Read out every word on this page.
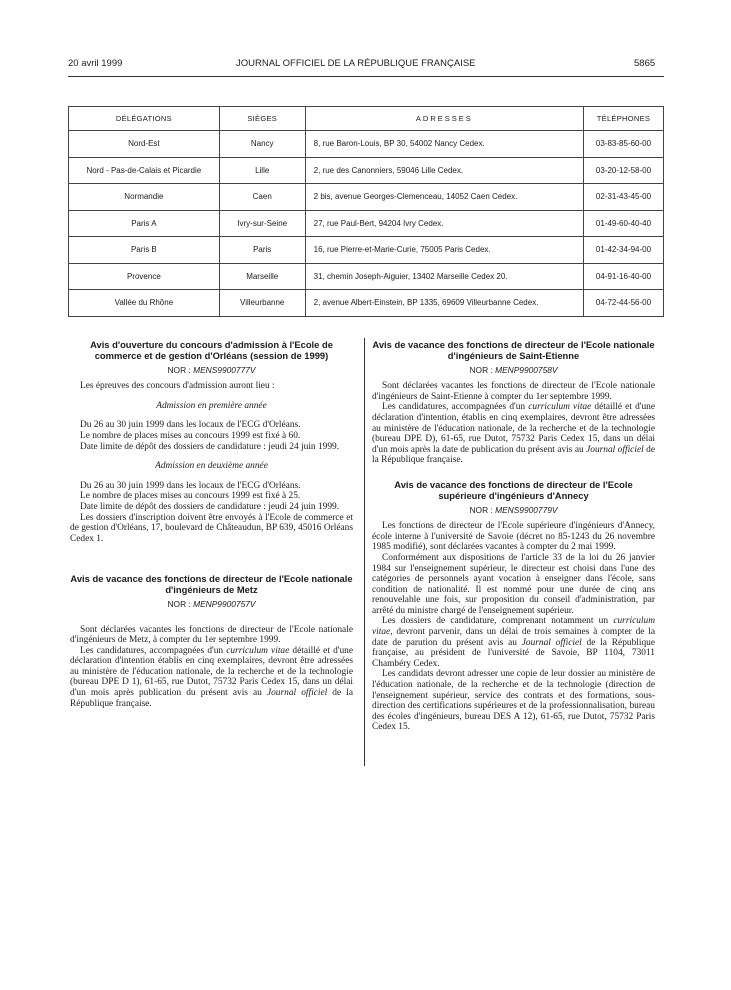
20 avril 1999	JOURNAL OFFICIEL DE LA RÉPUBLIQUE FRANÇAISE	5865
DÉLÉGATIONS	SIÈGES	ADRESSES	TÉLÉPHONES
Nord-Est	Nancy	8, rue Baron-Louis, BP 30, 54002 Nancy Cedex.	03-83-85-60-00
Nord - Pas-de-Calais et Picardie	Lille	2, rue des Canonniers, 59046 Lille Cedex.	03-20-12-58-00
Normandie	Caen	2 bis, avenue Georges-Clemenceau, 14052 Caen Cedex.	02-31-43-45-00
Paris A	Ivry-sur-Seine	27, rue Paul-Bert, 94204 Ivry Cedex.	01-49-60-40-40
Paris B	Paris	16, rue Pierre-et-Marie-Curie, 75005 Paris Cedex.	01-42-34-94-00
Provence	Marseille	31, chemin Joseph-Aiguier, 13402 Marseille Cedex 20.	04-91-16-40-00
Vallée du Rhône	Villeurbanne	2, avenue Albert-Einstein, BP 1335, 69609 Villeurbanne Cedex.	04-72-44-56-00

Avis d'ouverture du concours d'admission à l'Ecole de commerce et de gestion d'Orléans (session de 1999)

NOR : MENS9900777V

Les épreuves des concours d'admission auront lieu :

Admission en première année

Du 26 au 30 juin 1999 dans les locaux de l'ECG d'Orléans.

Le nombre de places mises au concours 1999 est fixé à 60.

Date limite de dépôt des dossiers de candidature : jeudi 24 juin 1999.

Admission en deuxième année

Du 26 au 30 juin 1999 dans les locaux de l'ECG d'Orléans.

Le nombre de places mises au concours 1999 est fixé à 25.

Date limite de dépôt des dossiers de candidature : jeudi 24 juin 1999.

Les dossiers d'inscription doivent être envoyés à l'Ecole de commerce et de gestion d'Orléans, 17, boulevard de Châteaudun, BP 639, 45016 Orléans Cedex 1.

Avis de vacance des fonctions de directeur de l'Ecole nationale d'ingénieurs de Metz

NOR : MENP9900757V

Sont déclarées vacantes les fonctions de directeur de l'Ecole nationale d'ingénieurs de Metz, à compter du 1er septembre 1999.

Les candidatures, accompagnées d'un curriculum vitae détaillé et d'une déclaration d'intention établis en cinq exemplaires, devront être adressées au ministère de l'éducation nationale, de la recherche et de la technologie (bureau DPE D 1), 61-65, rue Dutot, 75732 Paris Cedex 15, dans un délai d'un mois après publication du présent avis au Journal officiel de la République française.

Avis de vacance des fonctions de directeur de l'Ecole nationale d'ingénieurs de Saint-Etienne

NOR : MENP9900758V

Sont déclarées vacantes les fonctions de directeur de l'Ecole nationale d'ingénieurs de Saint-Etienne à compter du 1er septembre 1999.

Les candidatures, accompagnées d'un curriculum vitae détaillé et d'une déclaration d'intention, établis en cinq exemplaires, devront être adressées au ministère de l'éducation nationale, de la recherche et de la technologie (bureau DPE D), 61-65, rue Dutot, 75732 Paris Cedex 15, dans un délai d'un mois après la date de publication du présent avis au Journal officiel de la République française.

Avis de vacance des fonctions de directeur de l'Ecole supérieure d'ingénieurs d'Annecy

NOR : MENS9900779V

Les fonctions de directeur de l'Ecole supérieure d'ingénieurs d'Annecy, école interne à l'université de Savoie (décret no 85-1243 du 26 novembre 1985 modifié), sont déclarées vacantes à compter du 2 mai 1999.

Conformément aux dispositions de l'article 33 de la loi du 26 janvier 1984 sur l'enseignement supérieur, le directeur est choisi dans l'une des catégories de personnels ayant vocation à enseigner dans l'école, sans condition de nationalité. Il est nommé pour une durée de cinq ans renouvelable une fois, sur proposition du conseil d'administration, par arrêté du ministre chargé de l'enseignement supérieur.

Les dossiers de candidature, comprenant notamment un curriculum vitae, devront parvenir, dans un délai de trois semaines à compter de la date de parution du présent avis au Journal officiel de la République française, au président de l'université de Savoie, BP 1104, 73011 Chambéry Cedex.

Les candidats devront adresser une copie de leur dossier au ministère de l'éducation nationale, de la recherche et de la technologie (direction de l'enseignement supérieur, service des contrats et des formations, sous-direction des certifications supérieures et de la professionnalisation, bureau des écoles d'ingénieurs, bureau DES A 12), 61-65, rue Dutot, 75732 Paris Cedex 15.
